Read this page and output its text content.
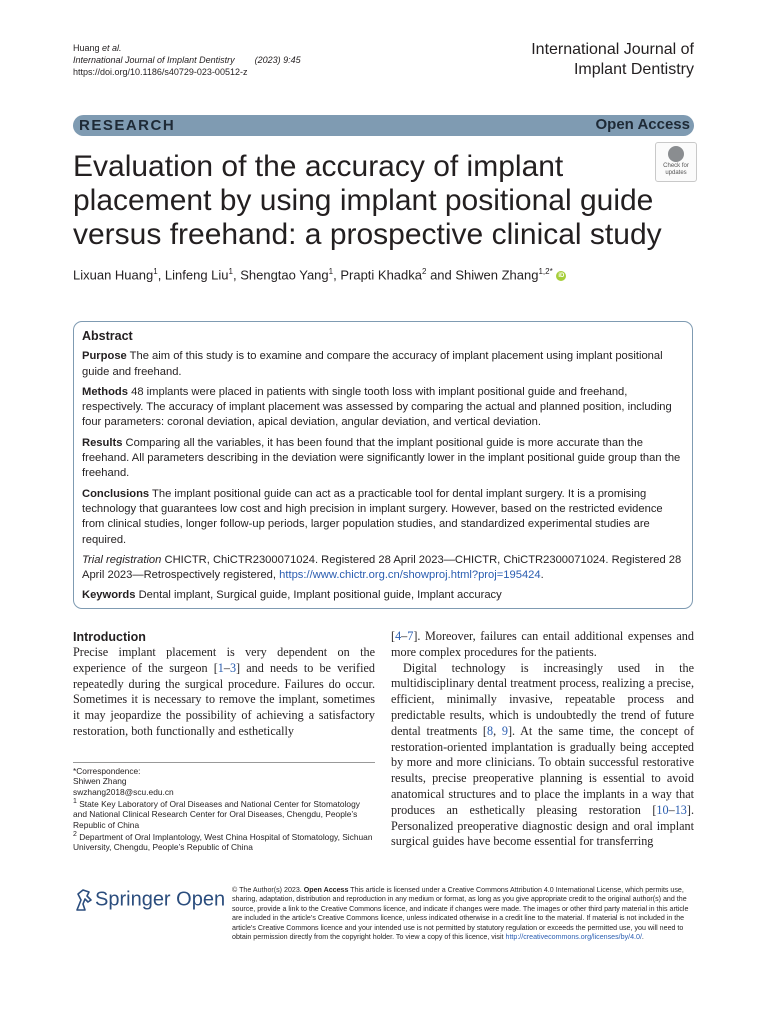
Huang et al.
International Journal of Implant Dentistry (2023) 9:45
https://doi.org/10.1186/s40729-023-00512-z
International Journal of
Implant Dentistry
RESEARCH	Open Access
Evaluation of the accuracy of implant placement by using implant positional guide versus freehand: a prospective clinical study
Check for
updates
Lixuan Huang$^1$, Linfeng Liu$^1$, Shengtao Yang$^1$, Prapti Khadka$^2$ and Shiwen Zhang$^{1,2*}$ iD
Abstract

Purpose The aim of this study is to examine and compare the accuracy of implant placement using implant positional guide and freehand.

Methods 48 implants were placed in patients with single tooth loss with implant positional guide and freehand, respectively. The accuracy of implant placement was assessed by comparing the actual and planned position, including four parameters: coronal deviation, apical deviation, angular deviation, and vertical deviation.

Results Comparing all the variables, it has been found that the implant positional guide is more accurate than the freehand. All parameters describing in the deviation were significantly lower in the implant positional guide group than the freehand.

Conclusions The implant positional guide can act as a practicable tool for dental implant surgery. It is a promising technology that guarantees low cost and high precision in implant surgery. However, based on the restricted evidence from clinical studies, longer follow-up periods, larger population studies, and standardized experimental studies are required.

Trial registration CHICTR, ChiCTR2300071024. Registered 28 April 2023—CHICTR, ChiCTR2300071024. Registered 28 April 2023—Retrospectively registered, https://www.chictr.org.cn/showproj.html?proj=195424.

Keywords Dental implant, Surgical guide, Implant positional guide, Implant accuracy

Introduction

Precise implant placement is very dependent on the experience of the surgeon [1–3] and needs to be verified repeatedly during the surgical procedure. Failures do occur. Sometimes it is necessary to remove the implant, sometimes it may jeopardize the possibility of achieving a satisfactory restoration, both functionally and esthetically

*Correspondence:

Shiwen Zhang

swzhang2018@scu.edu.cn

$^1$ State Key Laboratory of Oral Diseases and National Center for Stomatology and National Clinical Research Center for Oral Diseases, Chengdu, People’s Republic of China

$^2$ Department of Oral Implantology, West China Hospital of Stomatology, Sichuan University, Chengdu, People’s Republic of China

[4–7]. Moreover, failures can entail additional expenses and more complex procedures for the patients.

Digital technology is increasingly used in the multidisciplinary dental treatment process, realizing a precise, efficient, minimally invasive, repeatable process and predictable results, which is undoubtedly the trend of future dental treatments [8, 9]. At the same time, the concept of restoration-oriented implantation is gradually being accepted by more and more clinicians. To obtain successful restorative results, precise preoperative planning is essential to avoid anatomical structures and to place the implants in a way that produces an esthetically pleasing restoration [10–13]. Personalized preoperative diagnostic design and oral implant surgical guides have become essential for transferring

Springer Open © The Author(s) 2023. Open Access This article is licensed under a Creative Commons Attribution 4.0 International License, which permits use, sharing, adaptation, distribution and reproduction in any medium or format, as long as you give appropriate credit to the original author(s) and the source, provide a link to the Creative Commons licence, and indicate if changes were made. The images or other third party material in this article are included in the article’s Creative Commons licence, unless indicated otherwise in a credit line to the material. If material is not included in the article’s Creative Commons licence and your intended use is not permitted by statutory regulation or exceeds the permitted use, you will need to obtain permission directly from the copyright holder. To view a copy of this licence, visit http://creativecommons.org/licenses/by/4.0/.
